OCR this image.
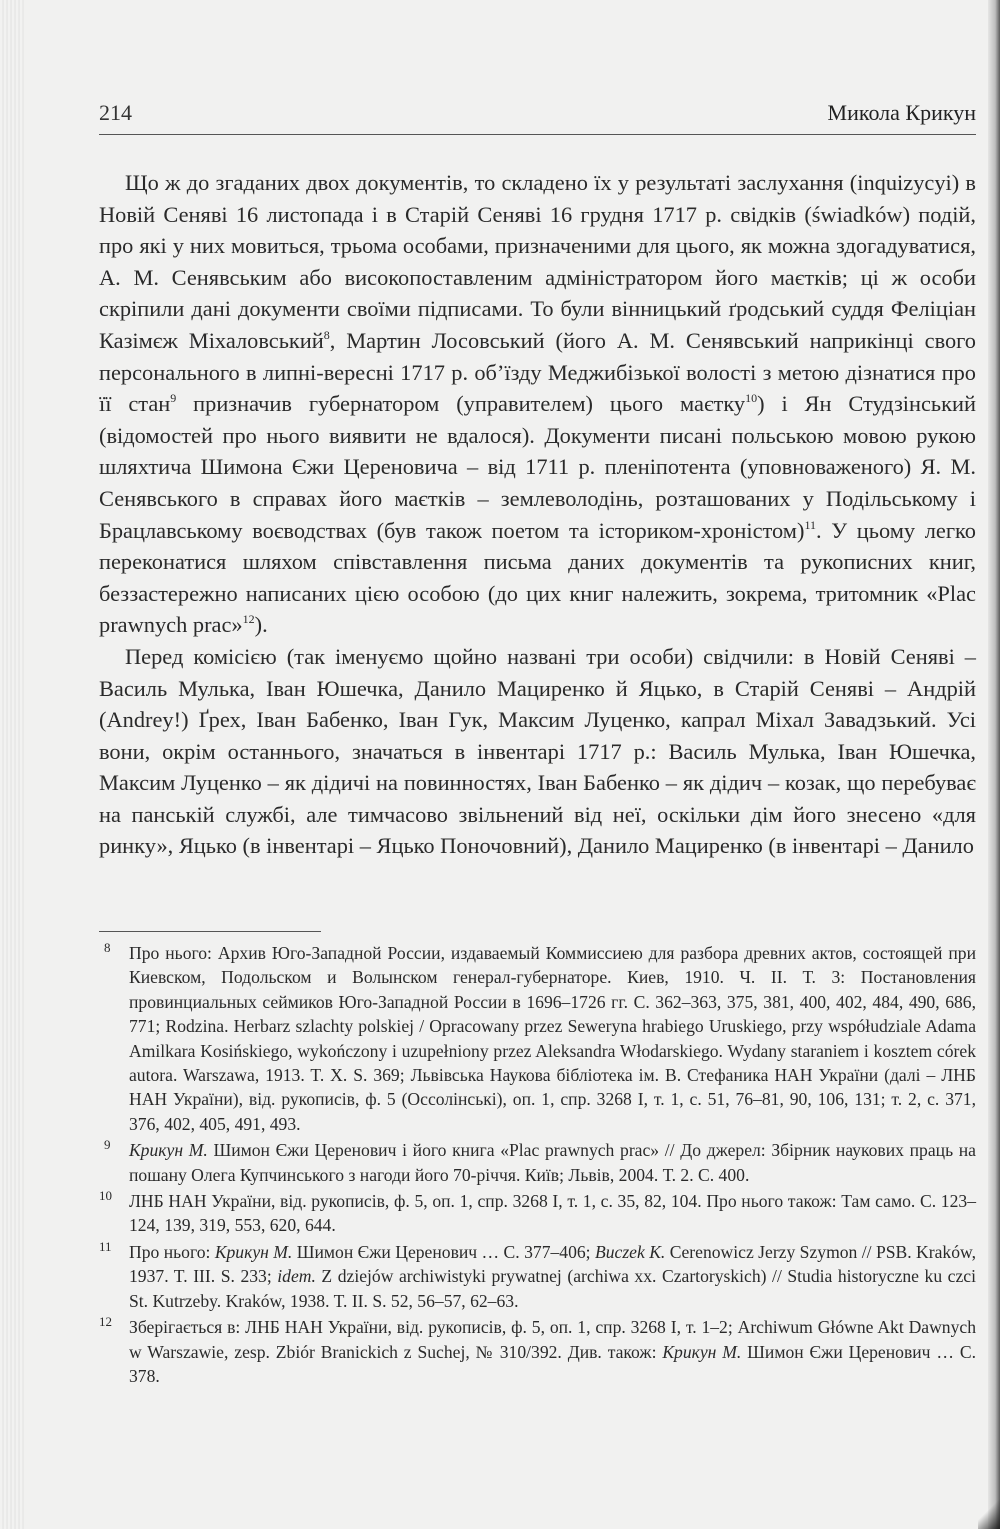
214	Микола Крикун

Що ж до згаданих двох документів, то складено їх у результаті заслухання (inquizycyi) в Новій Сеняві 16 листопада і в Старій Сеняві 16 грудня 1717 р. свідків (świadków) подій, про які у них мовиться, трьома особами, призначеними для цього, як можна здогадуватися, А. М. Сенявським або високопоставленим адміністратором його маєтків; ці ж особи скріпили дані документи своїми підписами. То були вінницький ґродський суддя Феліціан Казімєж Міхаловський$^8$, Мартин Лосовський (його А. М. Сенявський наприкінці свого персонального в липні-вересні 1717 р. об’їзду Меджибізької волості з метою дізнатися про її стан$^9$ призначив губернатором (управителем) цього маєтку$^{10}$) і Ян Студзінський (відомостей про нього виявити не вдалося). Документи писані польською мовою рукою шляхтича Шимона Єжи Цереновича – від 1711 р. пленіпотента (уповноваженого) Я. М. Сенявського в справах його маєтків – землеволодінь, розташованих у Подільському і Брацлавському воєводствах (був також поетом та істориком-хроністом)$^{11}$. У цьому легко переконатися шляхом співставлення письма даних документів та рукописних книг, беззастережно написаних цією особою (до цих книг належить, зокрема, тритомник «Plac prawnych prac»$^{12}$).

Перед комісією (так іменуємо щойно названі три особи) свідчили: в Новій Сеняві – Василь Мулька, Іван Юшечка, Данило Мациренко й Яцько, в Старій Сеняві – Андрій (Andrey!) Ґрех, Іван Бабенко, Іван Гук, Максим Луценко, капрал Міхал Завадзький. Усі вони, окрім останнього, значаться в інвентарі 1717 р.: Василь Мулька, Іван Юшечка, Максим Луценко – як дідичі на повинностях, Іван Бабенко – як дідич – козак, що перебуває на панській службі, але тимчасово звільнений від неї, оскільки дім його знесено «для ринку», Яцько (в інвентарі – Яцько Поночовний), Данило Мациренко (в інвентарі – Данило

8 Про нього: Архив Юго-Западной России, издаваемый Коммиссиею для разбора древних актов, состоящей при Киевском, Подольском и Волынском генерал-губернаторе. Киев, 1910. Ч. II. Т. 3: Постановления провинциальных сеймиков Юго-Западной России в 1696–1726 гг. С. 362–363, 375, 381, 400, 402, 484, 490, 686, 771; Rodzina. Herbarz szlachty polskiej / Opracowany przez Seweryna hrabiego Uruskiego, przy współudziale Adama Amilkara Kosińskiego, wykończony i uzupełniony przez Aleksandra Włodarskiego. Wydany staraniem i kosztem córek autora. Warszawa, 1913. T. X. S. 369; Львівська Наукова бібліотека ім. В. Стефаника НАН України (далі – ЛНБ НАН України), від. рукописів, ф. 5 (Оссолінські), оп. 1, спр. 3268 I, т. 1, с. 51, 76–81, 90, 106, 131; т. 2, с. 371, 376, 402, 405, 491, 493.
9 Крикун М. Шимон Єжи Церенович і його книга «Plac prawnych prac» // До джерел: Збірник наукових праць на пошану Олега Купчинського з нагоди його 70-річчя. Київ; Львів, 2004. Т. 2. С. 400.
10 ЛНБ НАН України, від. рукописів, ф. 5, оп. 1, спр. 3268 I, т. 1, с. 35, 82, 104. Про нього також: Там само. С. 123–124, 139, 319, 553, 620, 644.
11 Про нього: Крикун М. Шимон Єжи Церенович … С. 377–406; Buczek K. Cerenowicz Jerzy Szymon // PSB. Kraków, 1937. T. III. S. 233; idem. Z dziejów archiwistyki prywatnej (archiwa xx. Czartoryskich) // Studia historyczne ku czci St. Kutrzeby. Kraków, 1938. T. II. S. 52, 56–57, 62–63.
12 Зберігається в: ЛНБ НАН України, від. рукописів, ф. 5, оп. 1, спр. 3268 I, т. 1–2; Archiwum Główne Akt Dawnych w Warszawie, zesp. Zbiór Branickich z Suchej, № 310/392. Див. також: Крикун М. Шимон Єжи Церенович … С. 378.
